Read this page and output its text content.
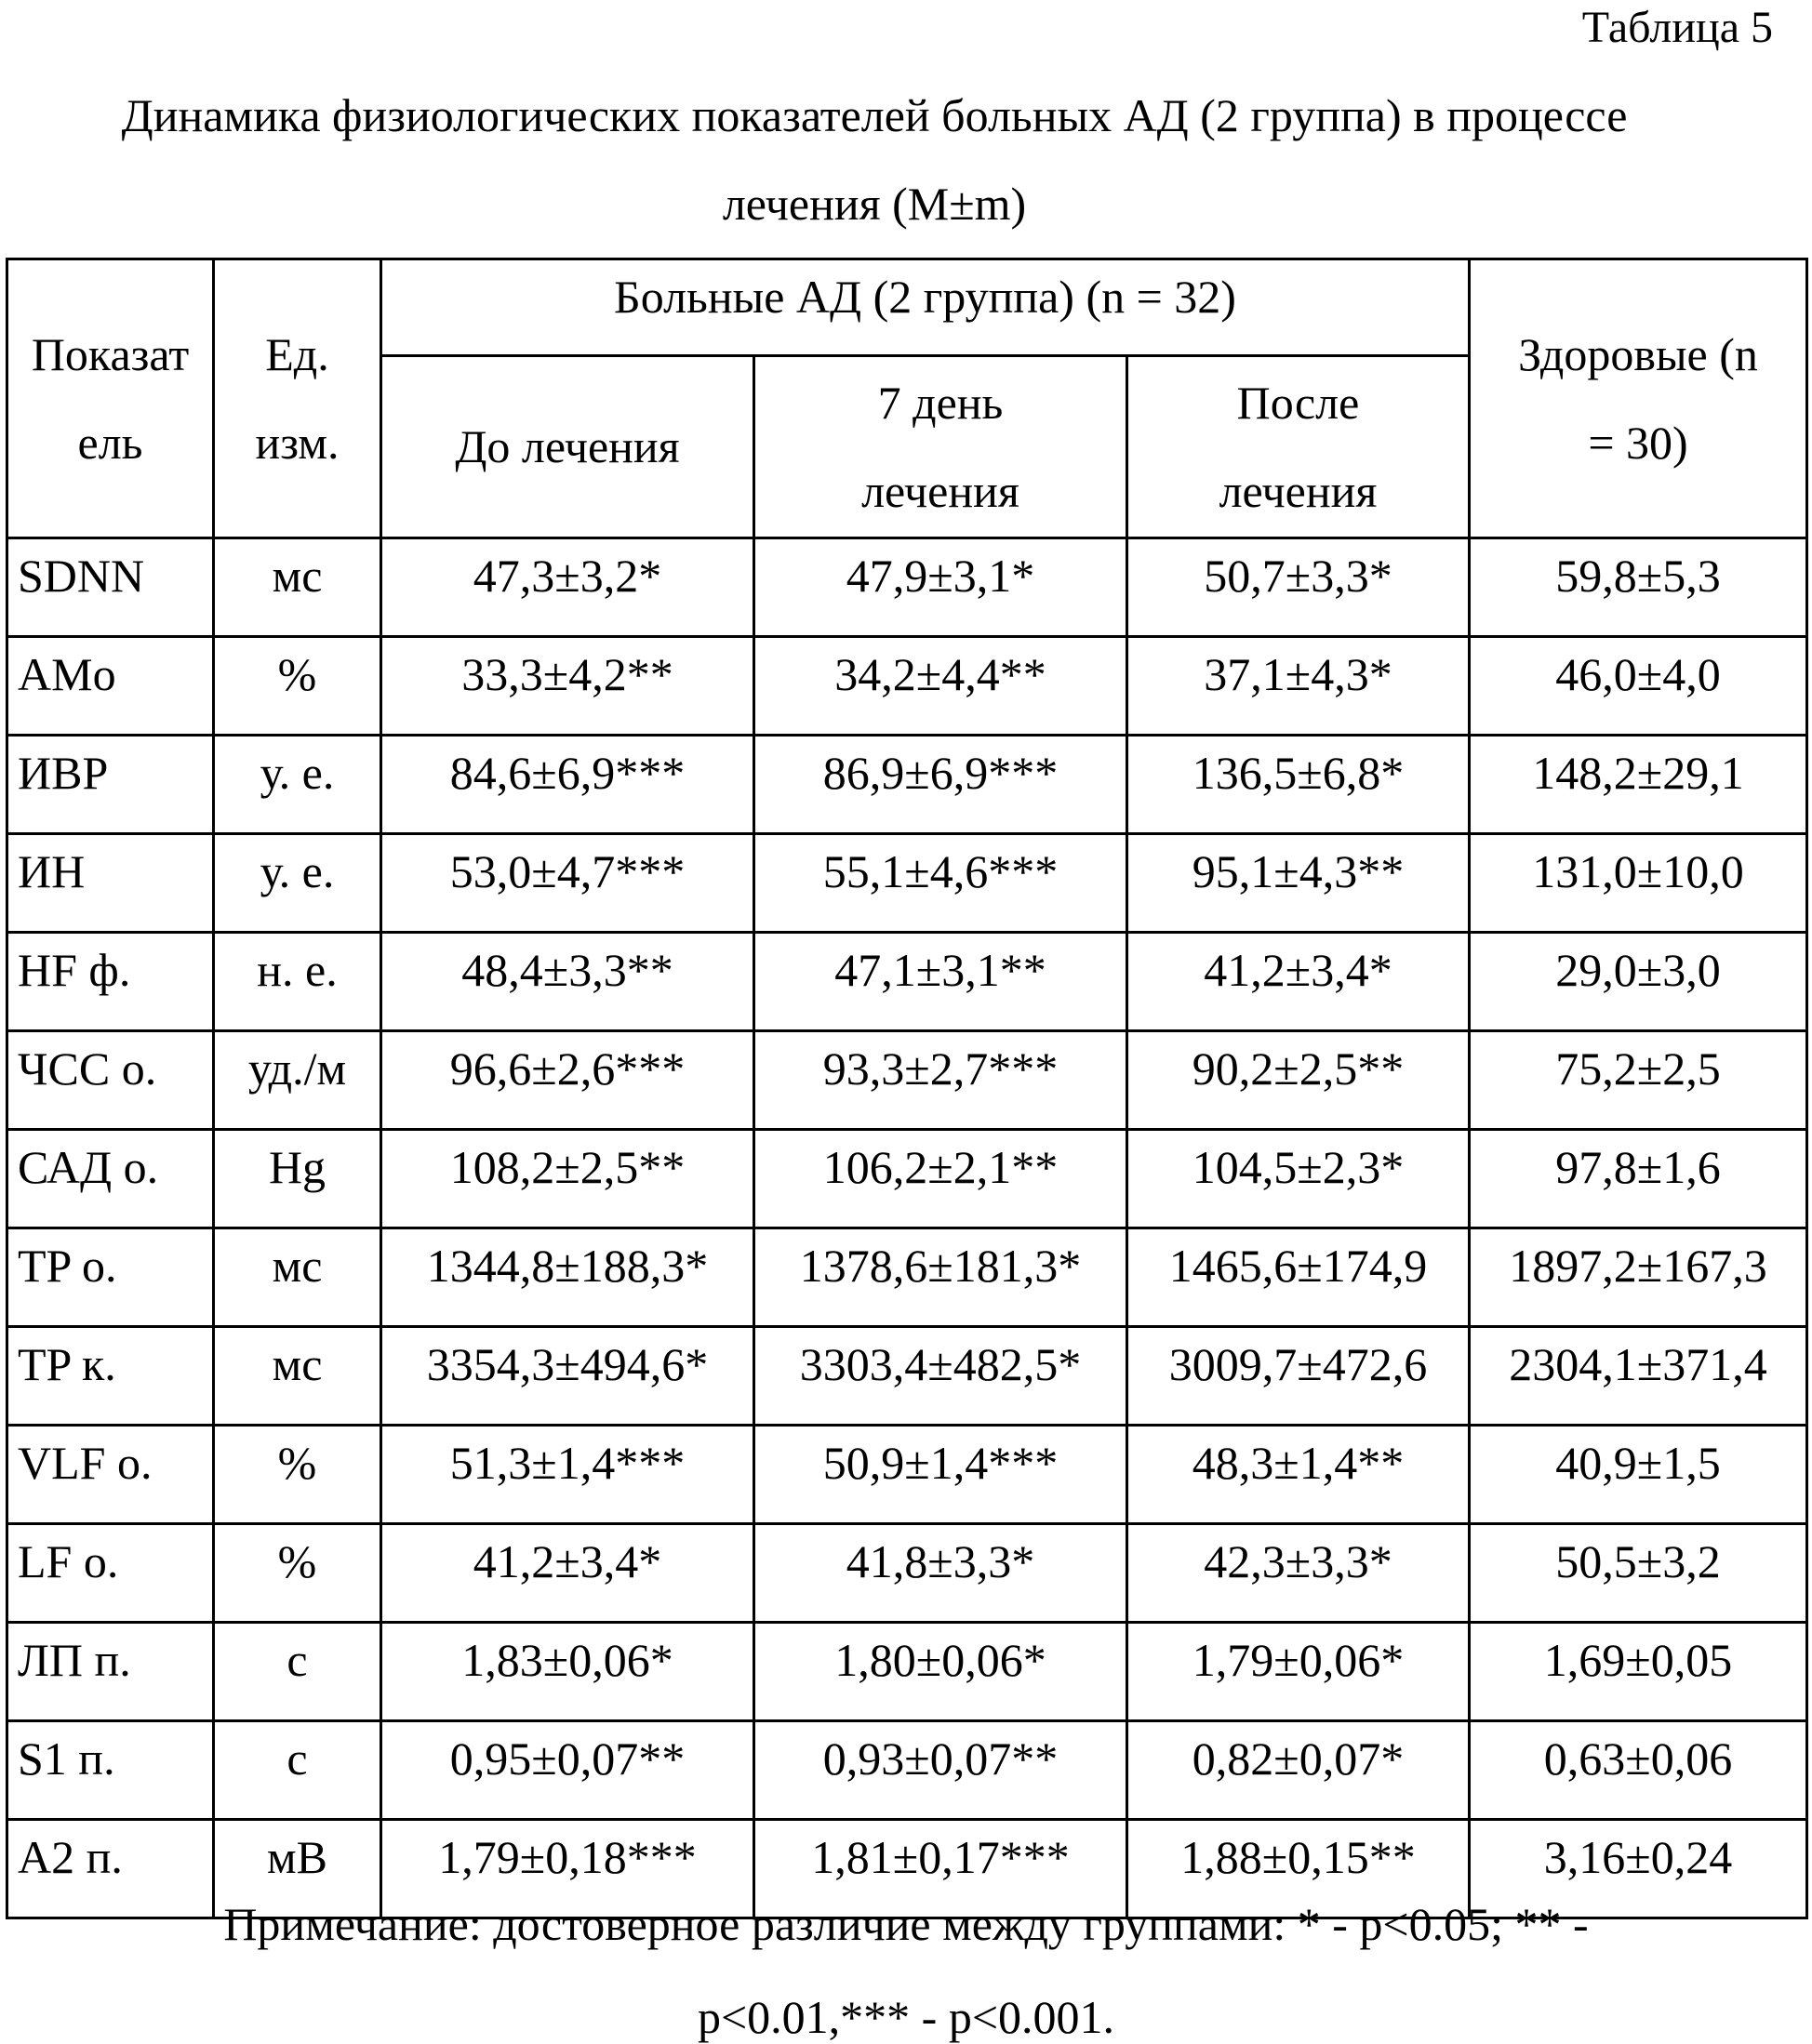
Таблица 5
Динамика физиологических показателей больных АД (2 группа) в процессе
лечения (M±m)
Показат ель	Ед. изм.	Больные АД (2 группа) (n = 32)	Здоровые (n = 30)
До лечения	7 день лечения	После лечения
SDNN	мс	47,3±3,2*	47,9±3,1*	50,7±3,3*	59,8±5,3
AMo	%	33,3±4,2**	34,2±4,4**	37,1±4,3*	46,0±4,0
ИВР	у. е.	84,6±6,9***	86,9±6,9***	136,5±6,8*	148,2±29,1
ИН	у. е.	53,0±4,7***	55,1±4,6***	95,1±4,3**	131,0±10,0
HF ф.	н. е.	48,4±3,3**	47,1±3,1**	41,2±3,4*	29,0±3,0
ЧСС о.	уд./м	96,6±2,6***	93,3±2,7***	90,2±2,5**	75,2±2,5
САД о.	Hg	108,2±2,5**	106,2±2,1**	104,5±2,3*	97,8±1,6
TP о.	мс	1344,8±188,3*	1378,6±181,3*	1465,6±174,9	1897,2±167,3
TP к.	мс	3354,3±494,6*	3303,4±482,5*	3009,7±472,6	2304,1±371,4
VLF о.	%	51,3±1,4***	50,9±1,4***	48,3±1,4**	40,9±1,5
LF о.	%	41,2±3,4*	41,8±3,3*	42,3±3,3*	50,5±3,2
ЛП п.	с	1,83±0,06*	1,80±0,06*	1,79±0,06*	1,69±0,05
S1 п.	с	0,95±0,07**	0,93±0,07**	0,82±0,07*	0,63±0,06
A2 п.	мВ	1,79±0,18***	1,81±0,17***	1,88±0,15**	3,16±0,24
Примечание: достоверное различие между группами: * - p<0.05; ** -
p<0.01,*** - p<0.001.
